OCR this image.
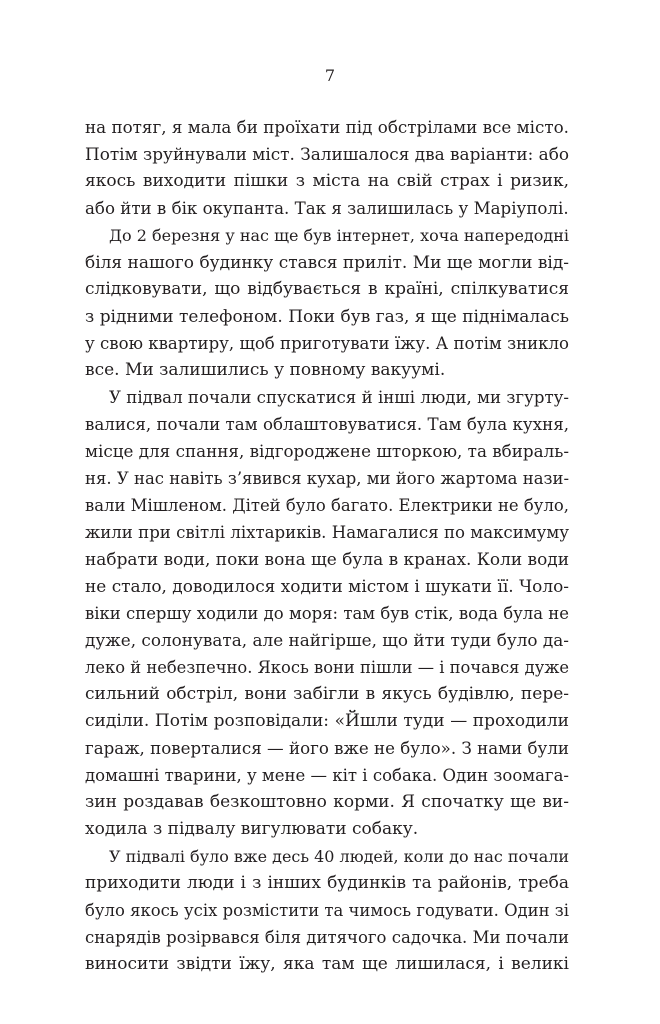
7
на потяг, я мала би проїхати під обстрілами все місто.
Потім зруйнували міст. Залишалося два варіанти: або
якось виходити пішки з міста на свій страх і ризик,
або йти в бік окупанта. Так я залишилась у Маріуполі.
До 2 березня у нас ще був інтернет, хоча напередодні
біля нашого будинку стався приліт. Ми ще могли від-
слідковувати, що відбувається в країні, спілкуватися
з рідними телефоном. Поки був газ, я ще піднімалась
у свою квартиру, щоб приготувати їжу. А потім зникло
все. Ми залишились у повному вакуумі.
У підвал почали спускатися й інші люди, ми згурту-
валися, почали там облаштовуватися. Там була кухня,
місце для спання, відгороджене шторкою, та вбираль-
ня. У нас навіть з’явився кухар, ми його жартома нази-
вали Мішленом. Дітей було багато. Електрики не було,
жили при світлі ліхтариків. Намагалися по максимуму
набрати води, поки вона ще була в кранах. Коли води
не стало, доводилося ходити містом і шукати її. Чоло-
віки спершу ходили до моря: там був стік, вода була не
дуже, солонувата, але найгірше, що йти туди було да-
леко й небезпечно. Якось вони пішли — і почався дуже
сильний обстріл, вони забігли в якусь будівлю, пере-
сиділи. Потім розповідали: «Йшли туди — проходили
гараж, поверталися — його вже не було». З нами були
домашні тварини, у мене — кіт і собака. Один зоомага-
зин роздавав безкоштовно корми. Я спочатку ще ви-
ходила з підвалу вигулювати собаку.
У підвалі було вже десь 40 людей, коли до нас почали
приходити люди і з інших будинків та районів, треба
було якось усіх розмістити та чимось годувати. Один зі
снарядів розірвався біля дитячого садочка. Ми почали
виносити звідти їжу, яка там ще лишилася, і великі
